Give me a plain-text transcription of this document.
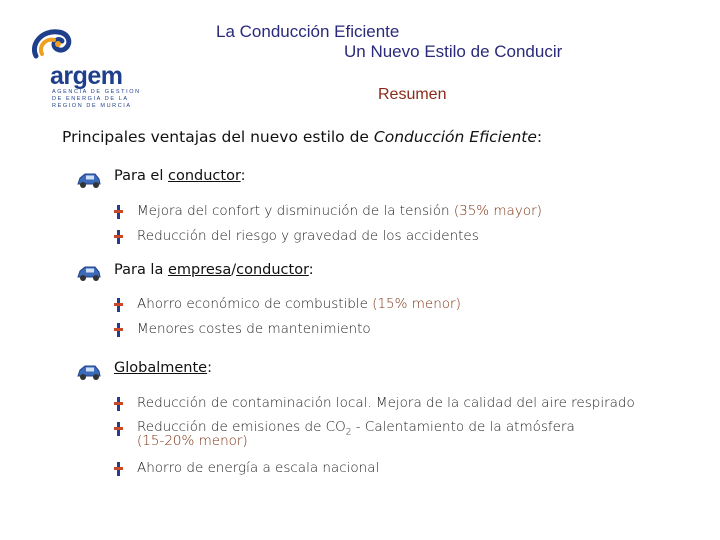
argem
AGENCIA DE GESTION
DE ENERGIA DE LA
REGION DE MURCIA
La Conducción Eficiente
Un Nuevo Estilo de Conducir
Resumen
Principales ventajas del nuevo estilo de Conducción Eficiente:
Para el conductor:
Mejora del confort y disminución de la tensión (35% mayor)
Reducción del riesgo y gravedad de los accidentes
Para la empresa/conductor:
Ahorro económico de combustible (15% menor)
Menores costes de mantenimiento
Globalmente:
Reducción de contaminación local. Mejora de la calidad del aire respirado
Reducción de emisiones de $CO_2$ - Calentamiento de la atmósfera
(15-20% menor)
Ahorro de energía a escala nacional
